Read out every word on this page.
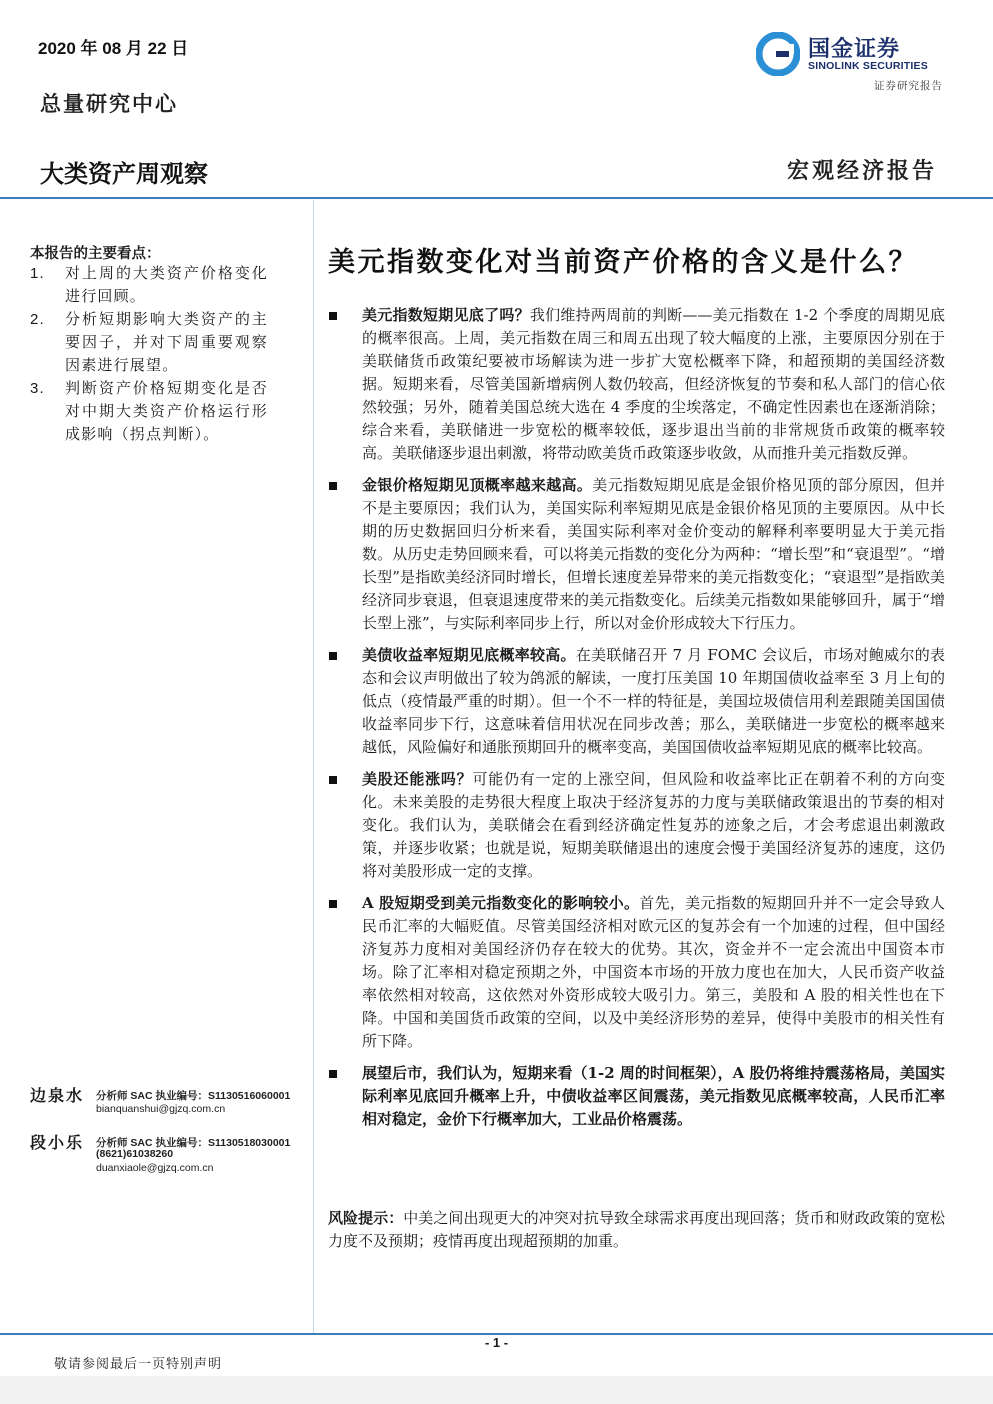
2020 年 08 月 22 日
总量研究中心
大类资产周观察	宏观经济报告
国金证券
SINOLINK SECURITIES
证券研究报告
本报告的主要看点：
1. 对上周的大类资产价格变化进行回顾。
2. 分析短期影响大类资产的主要因子，并对下周重要观察因素进行展望。
3. 判断资产价格短期变化是否对中期大类资产价格运行形成影响（拐点判断）。
边泉水 分析师 SAC 执业编号：S1130516060001
bianquanshui@gjzq.com.cn
段小乐 分析师 SAC 执业编号：S1130518030001
(8621)61038260
duanxiaole@gjzq.com.cn
美元指数变化对当前资产价格的含义是什么？
美元指数短期见底了吗？我们维持两周前的判断——美元指数在 1-2 个季度的周期见底的概率很高。上周，美元指数在周三和周五出现了较大幅度的上涨，主要原因分别在于美联储货币政策纪要被市场解读为进一步扩大宽松概率下降，和超预期的美国经济数据。短期来看，尽管美国新增病例人数仍较高，但经济恢复的节奏和私人部门的信心依然较强；另外，随着美国总统大选在 4 季度的尘埃落定，不确定性因素也在逐渐消除；综合来看，美联储进一步宽松的概率较低，逐步退出当前的非常规货币政策的概率较高。美联储逐步退出刺激，将带动欧美货币政策逐步收敛，从而推升美元指数反弹。
金银价格短期见顶概率越来越高。美元指数短期见底是金银价格见顶的部分原因，但并不是主要原因；我们认为，美国实际利率短期见底是金银价格见顶的主要原因。从中长期的历史数据回归分析来看，美国实际利率对金价变动的解释利率要明显大于美元指数。从历史走势回顾来看，可以将美元指数的变化分为两种：“增长型”和“衰退型”。“增长型”是指欧美经济同时增长，但增长速度差异带来的美元指数变化；“衰退型”是指欧美经济同步衰退，但衰退速度带来的美元指数变化。后续美元指数如果能够回升，属于“增长型上涨”，与实际利率同步上行，所以对金价形成较大下行压力。
美债收益率短期见底概率较高。在美联储召开 7 月 FOMC 会议后，市场对鲍威尔的表态和会议声明做出了较为鸽派的解读，一度打压美国 10 年期国债收益率至 3 月上旬的低点（疫情最严重的时期）。但一个不一样的特征是，美国垃圾债信用利差跟随美国国债收益率同步下行，这意味着信用状况在同步改善；那么，美联储进一步宽松的概率越来越低，风险偏好和通胀预期回升的概率变高，美国国债收益率短期见底的概率比较高。
美股还能涨吗？可能仍有一定的上涨空间，但风险和收益率比正在朝着不利的方向变化。未来美股的走势很大程度上取决于经济复苏的力度与美联储政策退出的节奏的相对变化。我们认为，美联储会在看到经济确定性复苏的迹象之后，才会考虑退出刺激政策，并逐步收紧；也就是说，短期美联储退出的速度会慢于美国经济复苏的速度，这仍将对美股形成一定的支撑。
A 股短期受到美元指数变化的影响较小。首先，美元指数的短期回升并不一定会导致人民币汇率的大幅贬值。尽管美国经济相对欧元区的复苏会有一个加速的过程，但中国经济复苏力度相对美国经济仍存在较大的优势。其次，资金并不一定会流出中国资本市场。除了汇率相对稳定预期之外，中国资本市场的开放力度也在加大，人民币资产收益率依然相对较高，这依然对外资形成较大吸引力。第三，美股和 A 股的相关性也在下降。中国和美国货币政策的空间，以及中美经济形势的差异，使得中美股市的相关性有所下降。
展望后市，我们认为，短期来看（1-2 周的时间框架），A 股仍将维持震荡格局，美国实际利率见底回升概率上升，中债收益率区间震荡，美元指数见底概率较高，人民币汇率相对稳定，金价下行概率加大，工业品价格震荡。
风险提示：中美之间出现更大的冲突对抗导致全球需求再度出现回落；货币和财政政策的宽松力度不及预期；疫情再度出现超预期的加重。
- 1 -
敬请参阅最后一页特别声明
